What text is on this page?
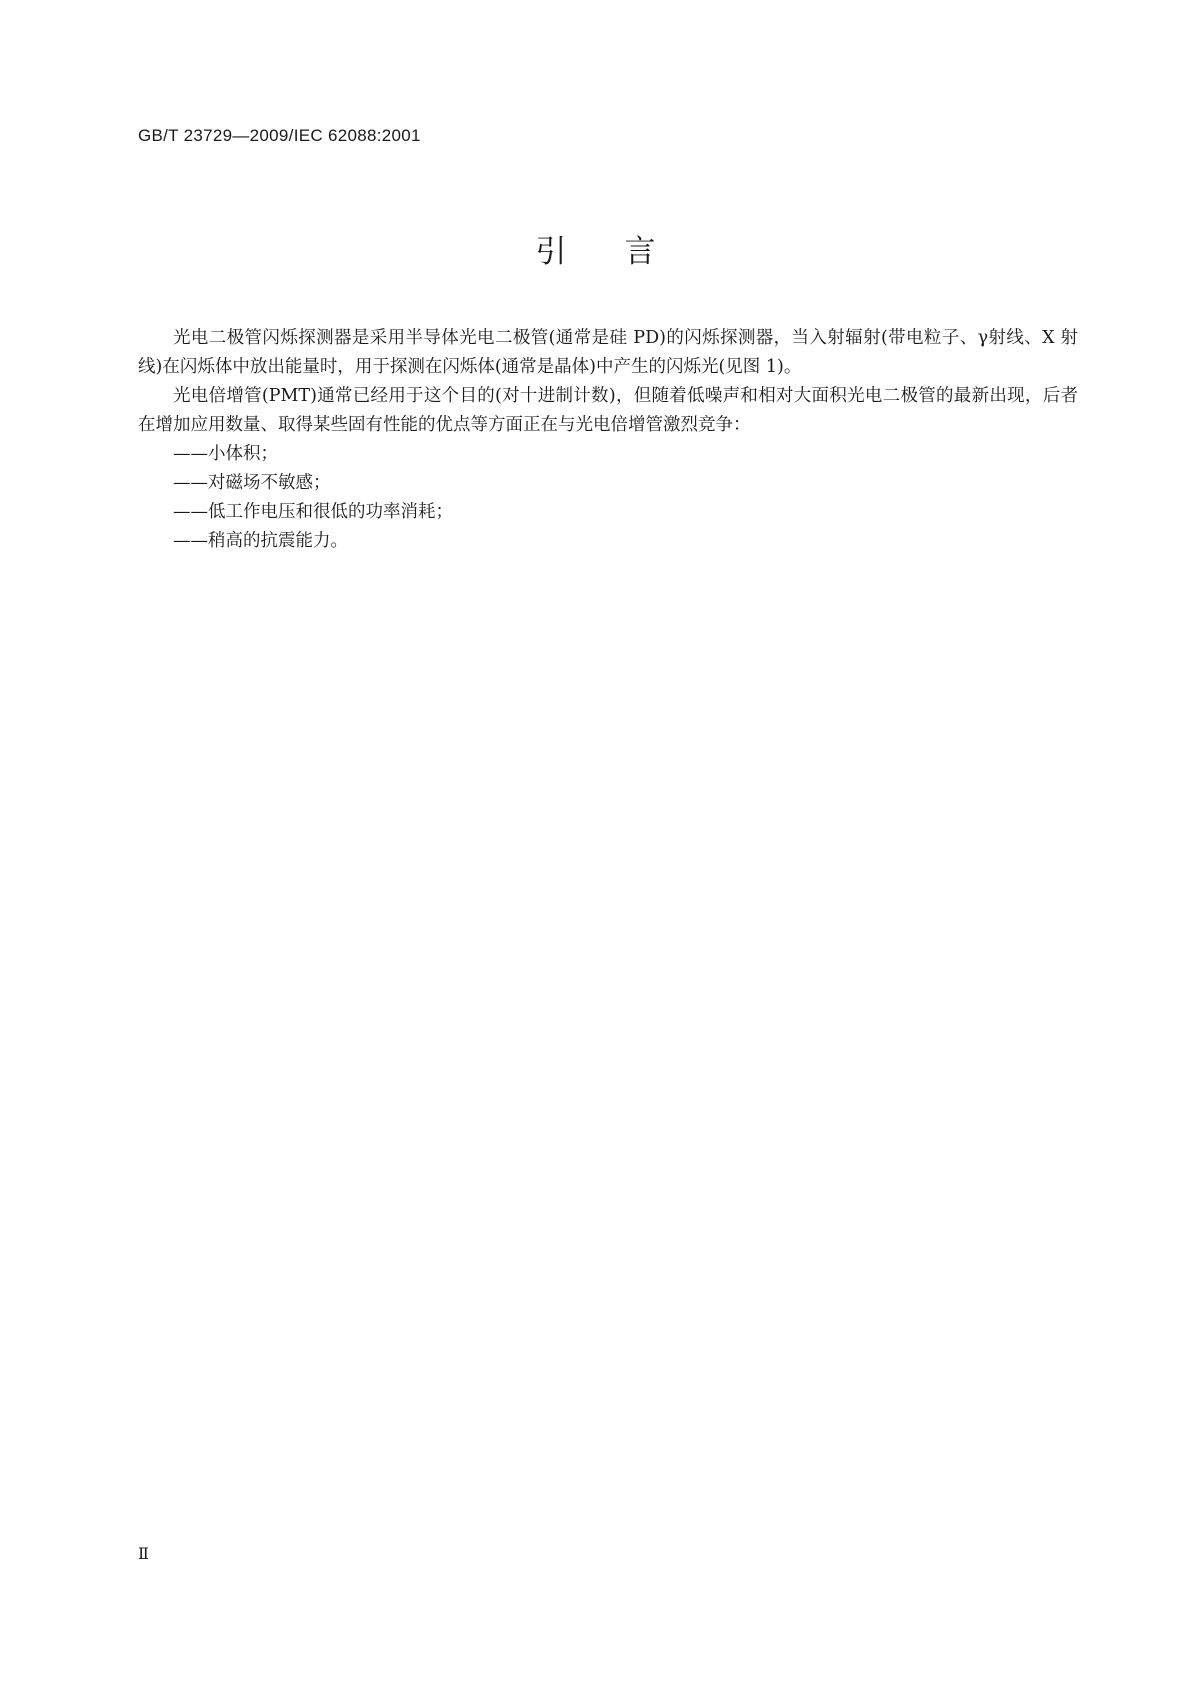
GB/T 23729—2009/IEC 62088:2001
引 言

光电二极管闪烁探测器是采用半导体光电二极管(通常是硅 PD)的闪烁探测器，当入射辐射(带电粒子、γ射线、X 射线)在闪烁体中放出能量时，用于探测在闪烁体(通常是晶体)中产生的闪烁光(见图 1)。

光电倍增管(PMT)通常已经用于这个目的(对十进制计数)，但随着低噪声和相对大面积光电二极管的最新出现，后者在增加应用数量、取得某些固有性能的优点等方面正在与光电倍增管激烈竞争：

——小体积；

——对磁场不敏感；

——低工作电压和很低的功率消耗；

——稍高的抗震能力。

Ⅱ
